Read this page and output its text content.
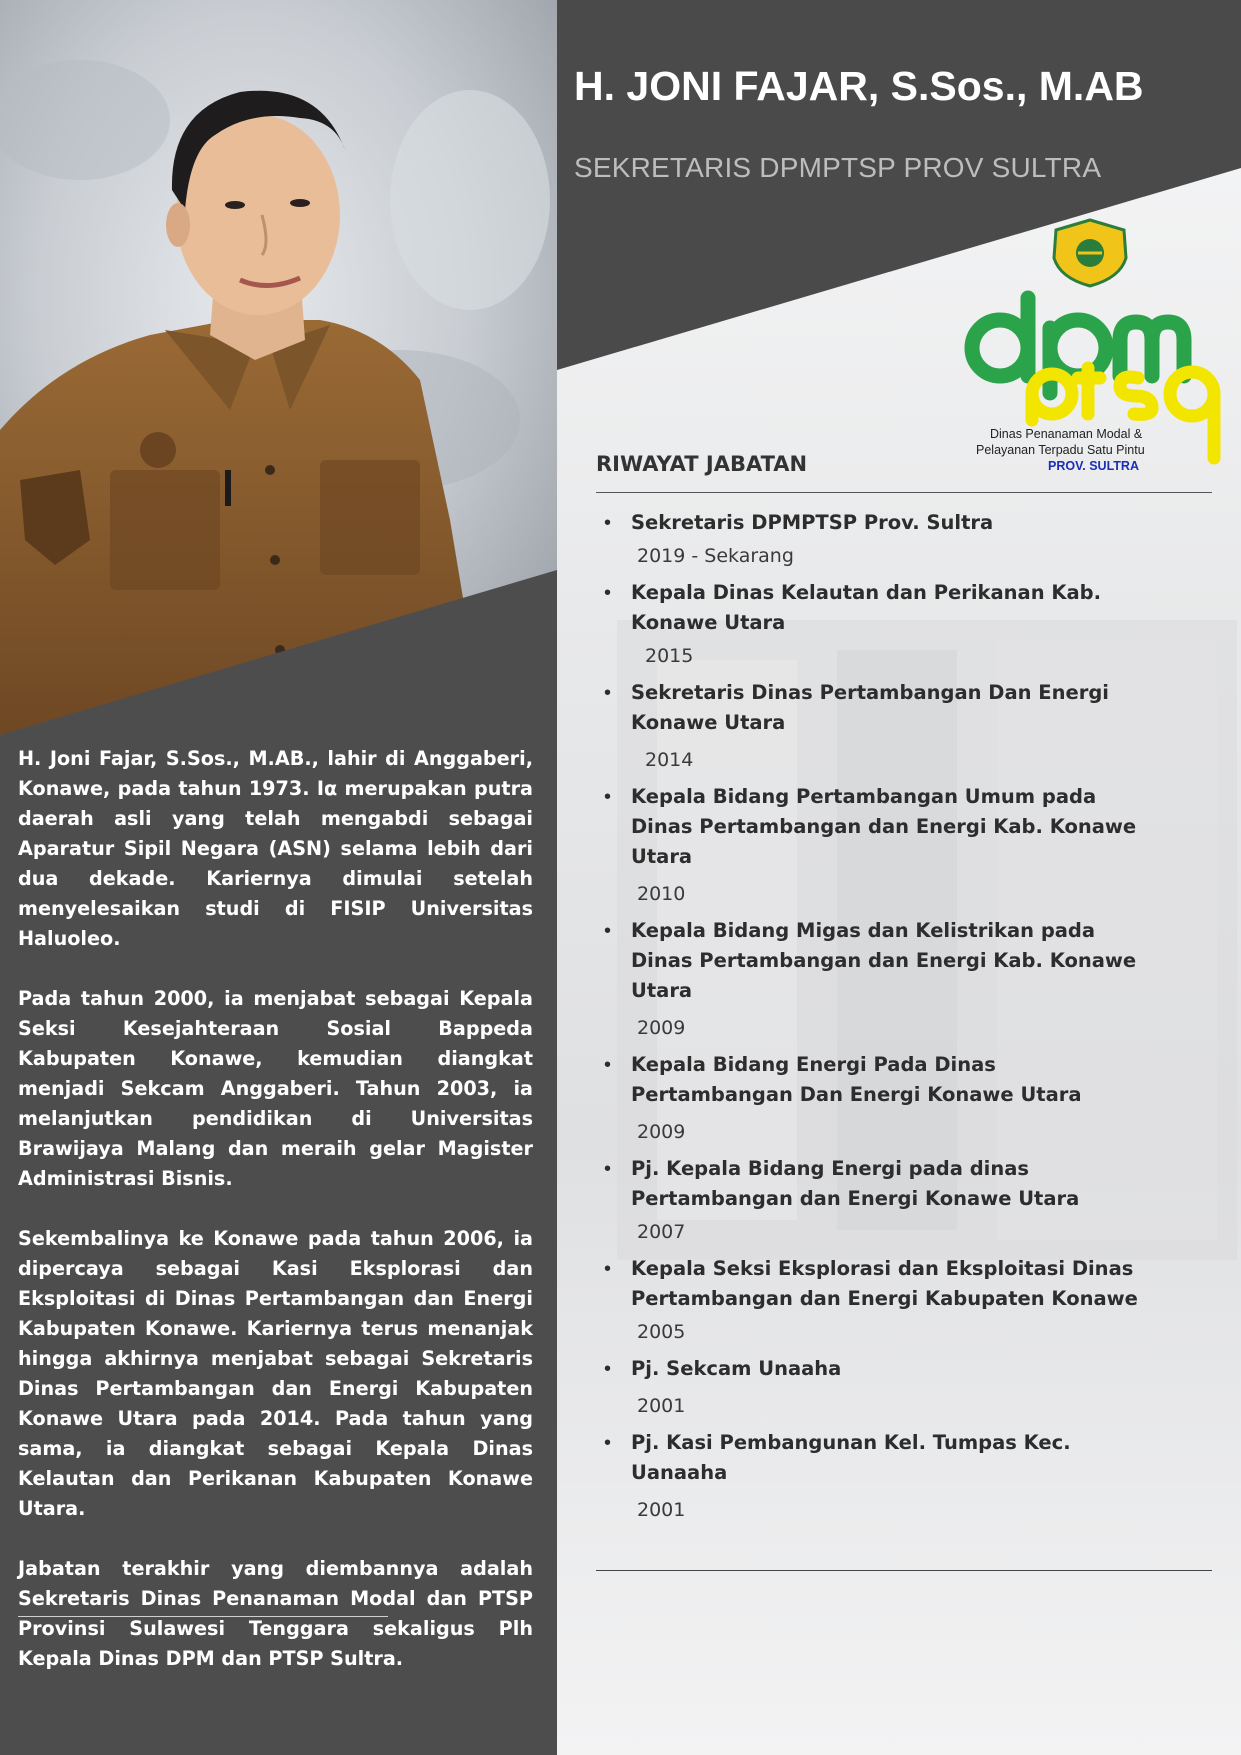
H. Joni Fajar, S.Sos., M.AB., lahir di Anggaberi, Konawe, pada tahun 1973. Iα merupakan putra daerah asli yang telah mengabdi sebagai Aparatur Sipil Negara (ASN) selama lebih dari dua dekade. Kariernya dimulai setelah menyelesaikan studi di FISIP Universitas Haluoleo.

Pada tahun 2000, ia menjabat sebagai Kepala Seksi Kesejahteraan Sosial Bappeda Kabupaten Konawe, kemudian diangkat menjadi Sekcam Anggaberi. Tahun 2003, ia melanjutkan pendidikan di Universitas Brawijaya Malang dan meraih gelar Magister Administrasi Bisnis.

Sekembalinya ke Konawe pada tahun 2006, ia dipercaya sebagai Kasi Eksplorasi dan Eksploitasi di Dinas Pertambangan dan Energi Kabupaten Konawe. Kariernya terus menanjak hingga akhirnya menjabat sebagai Sekretaris Dinas Pertambangan dan Energi Kabupaten Konawe Utara pada 2014. Pada tahun yang sama, ia diangkat sebagai Kepala Dinas Kelautan dan Perikanan Kabupaten Konawe Utara.

Jabatan terakhir yang diembannya adalah Sekretaris Dinas Penanaman Modal dan PTSP Provinsi Sulawesi Tenggara sekaligus Plh Kepala Dinas DPM dan PTSP Sultra.

H. JONI FAJAR, S.Sos., M.AB
SEKRETARIS DPMPTSP PROV SULTRA
Dinas Penanaman Modal &
Pelayanan Terpadu Satu Pintu
PROV. SULTRA
RIWAYAT JABATAN
• Sekretaris DPMPTSP Prov. Sultra
2019 - Sekarang
• Kepala Dinas Kelautan dan Perikanan Kab. Konawe Utara
2015
• Sekretaris Dinas Pertambangan Dan Energi Konawe Utara
2014
• Kepala Bidang Pertambangan Umum pada Dinas Pertambangan dan Energi Kab. Konawe Utara
2010
• Kepala Bidang Migas dan Kelistrikan pada Dinas Pertambangan dan Energi Kab. Konawe Utara
2009
• Kepala Bidang Energi Pada Dinas Pertambangan Dan Energi Konawe Utara
2009
• Pj. Kepala Bidang Energi pada dinas Pertambangan dan Energi Konawe Utara
2007
• Kepala Seksi Eksplorasi dan Eksploitasi Dinas Pertambangan dan Energi Kabupaten Konawe
2005
• Pj. Sekcam Unaaha
2001
• Pj. Kasi Pembangunan Kel. Tumpas Kec. Uanaaha
2001
